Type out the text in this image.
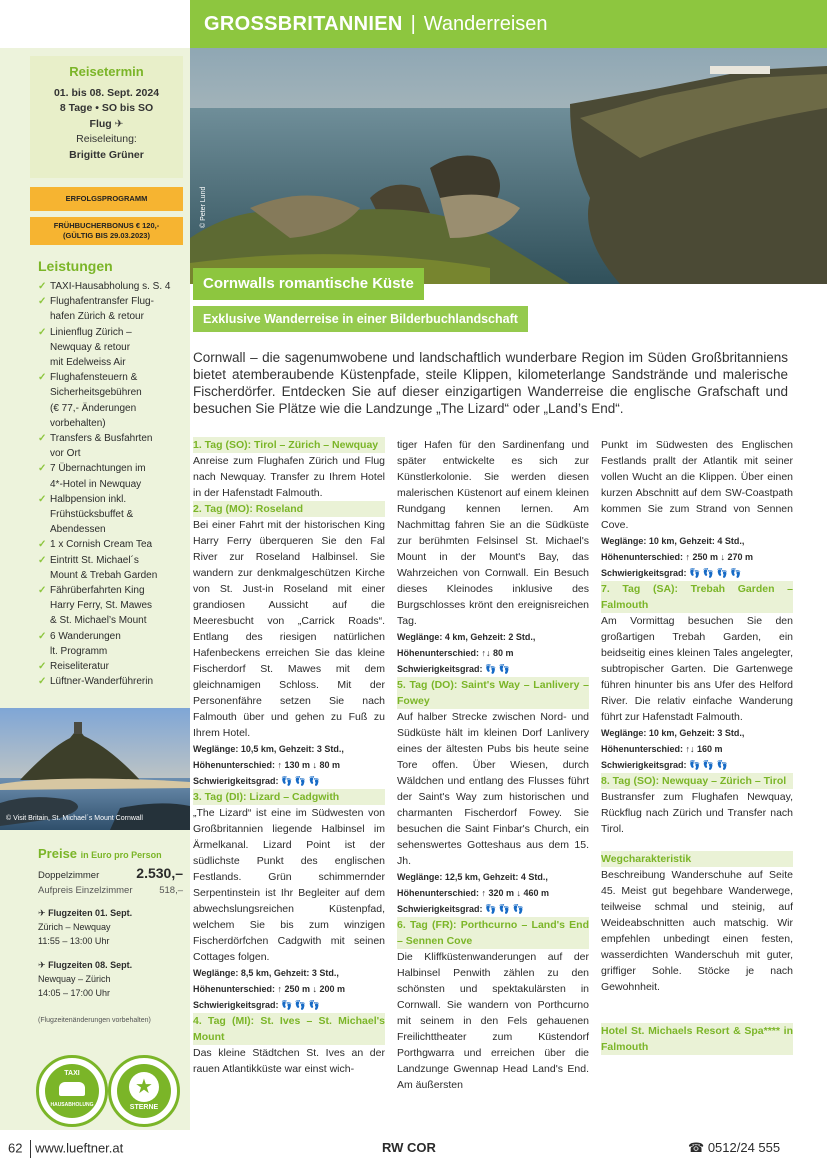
GROSSBRITANNIEN | Wanderreisen
Reisetermin
01. bis 08. Sept. 2024
8 Tage • SO bis SO
Flug ✈
Reiseleitung:
Brigitte Grüner
ERFOLGSPROGRAMM
FRÜHBUCHERBONUS € 120,-
(GÜLTIG BIS 29.03.2023)
Leistungen
✓ TAXI-Hausabholung s. S. 4
✓ Flughafentransfer Flug-
hafen Zürich & retour
✓ Linienflug Zürich –
Newquay & retour
mit Edelweiss Air
✓ Flughafensteuern &
Sicherheitsgebühren
(€ 77,- Änderungen
vorbehalten)
✓ Transfers & Busfahrten
vor Ort
✓ 7 Übernachtungen im
4*-Hotel in Newquay
✓ Halbpension inkl.
Frühstücksbuffet &
Abendessen
✓ 1 x Cornish Cream Tea
✓ Eintritt St. Michael´s
Mount & Trebah Garden
✓ Fährüberfahrten King
Harry Ferry, St. Mawes
& St. Michael’s Mount
✓ 6 Wanderungen
lt. Programm
✓ Reiseliteratur
✓ Lüftner-Wanderführerin
© Visit Britain, St. Michael´s Mount Cornwall
Preise in Euro pro Person
Doppelzimmer	2.530,–
Aufpreis Einzelzimmer	518,–
✈ Flugzeiten 01. Sept.
Zürich – Newquay
11:55 – 13:00 Uhr
✈ Flugzeiten 08. Sept.
Newquay – Zürich
14:05 – 17:00 Uhr
(Flugzeitenänderungen vorbehalten)
TAXI
HAUSABHOLUNG
★
STERNE
© Peter Lund
Cornwalls romantische Küste
Exklusive Wanderreise in einer Bilderbuchlandschaft
Cornwall – die sagenumwobene und landschaftlich wunderbare Region im Süden Großbritanniens bietet atemberaubende Küstenpfade, steile Klippen, kilometerlange Sandstrände und malerische Fischerdörfer. Entdecken Sie auf dieser einzigartigen Wanderreise die englische Grafschaft und besuchen Sie Plätze wie die Landzunge „The Lizard“ oder „Land’s End“.

1. Tag (SO): Tirol – Zürich – Newquay

Anreise zum Flughafen Zürich und Flug nach Newquay. Transfer zu Ihrem Hotel in der Hafenstadt Falmouth.

2. Tag (MO): Roseland

Bei einer Fahrt mit der historischen King Harry Ferry überqueren Sie den Fal River zur Roseland Halbinsel. Sie wandern zur denkmalgeschützen Kirche von St. Just-in Roseland mit einer grandiosen Aussicht auf die Meeresbucht von „Carrick Roads“. Entlang des riesigen natürlichen Hafenbeckens erreichen Sie das kleine Fischerdorf St. Mawes mit dem gleichnamigen Schloss. Mit der Personenfähre setzen Sie nach Falmouth über und gehen zu Fuß zu Ihrem Hotel.

Weglänge: 10,5 km, Gehzeit: 3 Std.,

Höhenunterschied: ↑ 130 m ↓ 80 m

Schwierigkeitsgrad: 👣 👣 👣

3. Tag (DI): Lizard – Cadgwith

„The Lizard“ ist eine im Südwesten von Großbritannien liegende Halbinsel im Ärmelkanal. Lizard Point ist der südlichste Punkt des englischen Festlands. Grün schimmernder Serpentinstein ist Ihr Begleiter auf dem abwechslungsreichen Küstenpfad, welchem Sie bis zum winzigen Fischerdörfchen Cadgwith mit seinen Cottages folgen.

Weglänge: 8,5 km, Gehzeit: 3 Std.,

Höhenunterschied: ↑ 250 m ↓ 200 m

Schwierigkeitsgrad: 👣 👣 👣

4. Tag (MI): St. Ives – St. Michael's Mount

Das kleine Städtchen St. Ives an der rauen Atlantikküste war einst wich-

tiger Hafen für den Sardinenfang und später entwickelte es sich zur Künstlerkolonie. Sie werden diesen malerischen Küstenort auf einem kleinen Rundgang kennen lernen. Am Nachmittag fahren Sie an die Südküste zur berühmten Felsinsel St. Michael's Mount in der Mount's Bay, das Wahrzeichen von Cornwall. Ein Besuch dieses Kleinodes inklusive des Burgschlosses krönt den ereignisreichen Tag.

Weglänge: 4 km, Gehzeit: 2 Std.,

Höhenunterschied: ↑↓ 80 m

Schwierigkeitsgrad: 👣 👣

5. Tag (DO): Saint's Way – Lanlivery – Fowey

Auf halber Strecke zwischen Nord- und Südküste hält im kleinen Dorf Lanlivery eines der ältesten Pubs bis heute seine Tore offen. Über Wiesen, durch Wäldchen und entlang des Flusses führt der Saint's Way zum historischen und charmanten Fischerdorf Fowey. Sie besuchen die Saint Finbar's Church, ein sehenswertes Gotteshaus aus dem 15. Jh.

Weglänge: 12,5 km, Gehzeit: 4 Std.,

Höhenunterschied: ↑ 320 m ↓ 460 m

Schwierigkeitsgrad: 👣 👣 👣

6. Tag (FR): Porthcurno – Land's End – Sennen Cove

Die Kliffküstenwanderungen auf der Halbinsel Penwith zählen zu den schönsten und spektakulärsten in Cornwall. Sie wandern von Porthcurno mit seinem in den Fels gehauenen Freilichttheater zum Küstendorf Porthgwarra und erreichen über die Landzunge Gwennap Head Land's End. Am äußersten

Punkt im Südwesten des Englischen Festlands prallt der Atlantik mit seiner vollen Wucht an die Klippen. Über einen kurzen Abschnitt auf dem SW-Coastpath kommen Sie zum Strand von Sennen Cove.

Weglänge: 10 km, Gehzeit: 4 Std.,

Höhenunterschied: ↑ 250 m ↓ 270 m

Schwierigkeitsgrad: 👣 👣 👣 👣

7. Tag (SA): Trebah Garden – Falmouth

Am Vormittag besuchen Sie den großartigen Trebah Garden, ein beidseitig eines kleinen Tales angelegter, subtropischer Garten. Die Gartenwege führen hinunter bis ans Ufer des Helford River. Die relativ einfache Wanderung führt zur Hafenstadt Falmouth.

Weglänge: 10 km, Gehzeit: 3 Std.,

Höhenunterschied: ↑↓ 160 m

Schwierigkeitsgrad: 👣 👣 👣

8. Tag (SO): Newquay – Zürich – Tirol

Bustransfer zum Flughafen Newquay, Rückflug nach Zürich und Transfer nach Tirol.

Wegcharakteristik

Beschreibung Wanderschuhe auf Seite 45. Meist gut begehbare Wanderwege, teilweise schmal und steinig, auf Weideabschnitten auch matschig. Wir empfehlen unbedingt einen festen, wasserdichten Wanderschuh mit guter, griffiger Sohle. Stöcke je nach Gewohnheit.

Hotel St. Michaels Resort & Spa**** in Falmouth

62 www.lueftner.at	RW COR	☎ 0512/24 555
